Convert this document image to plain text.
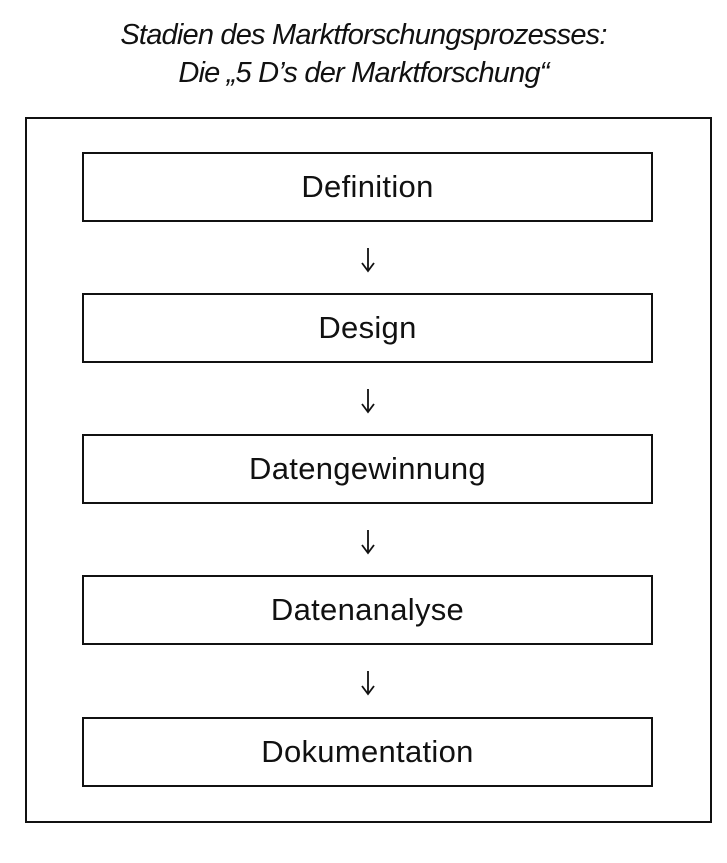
Stadien des Marktforschungsprozesses:
Die „5 D’s der Marktforschung“
Definition
Design
Datengewinnung
Datenanalyse
Dokumentation
